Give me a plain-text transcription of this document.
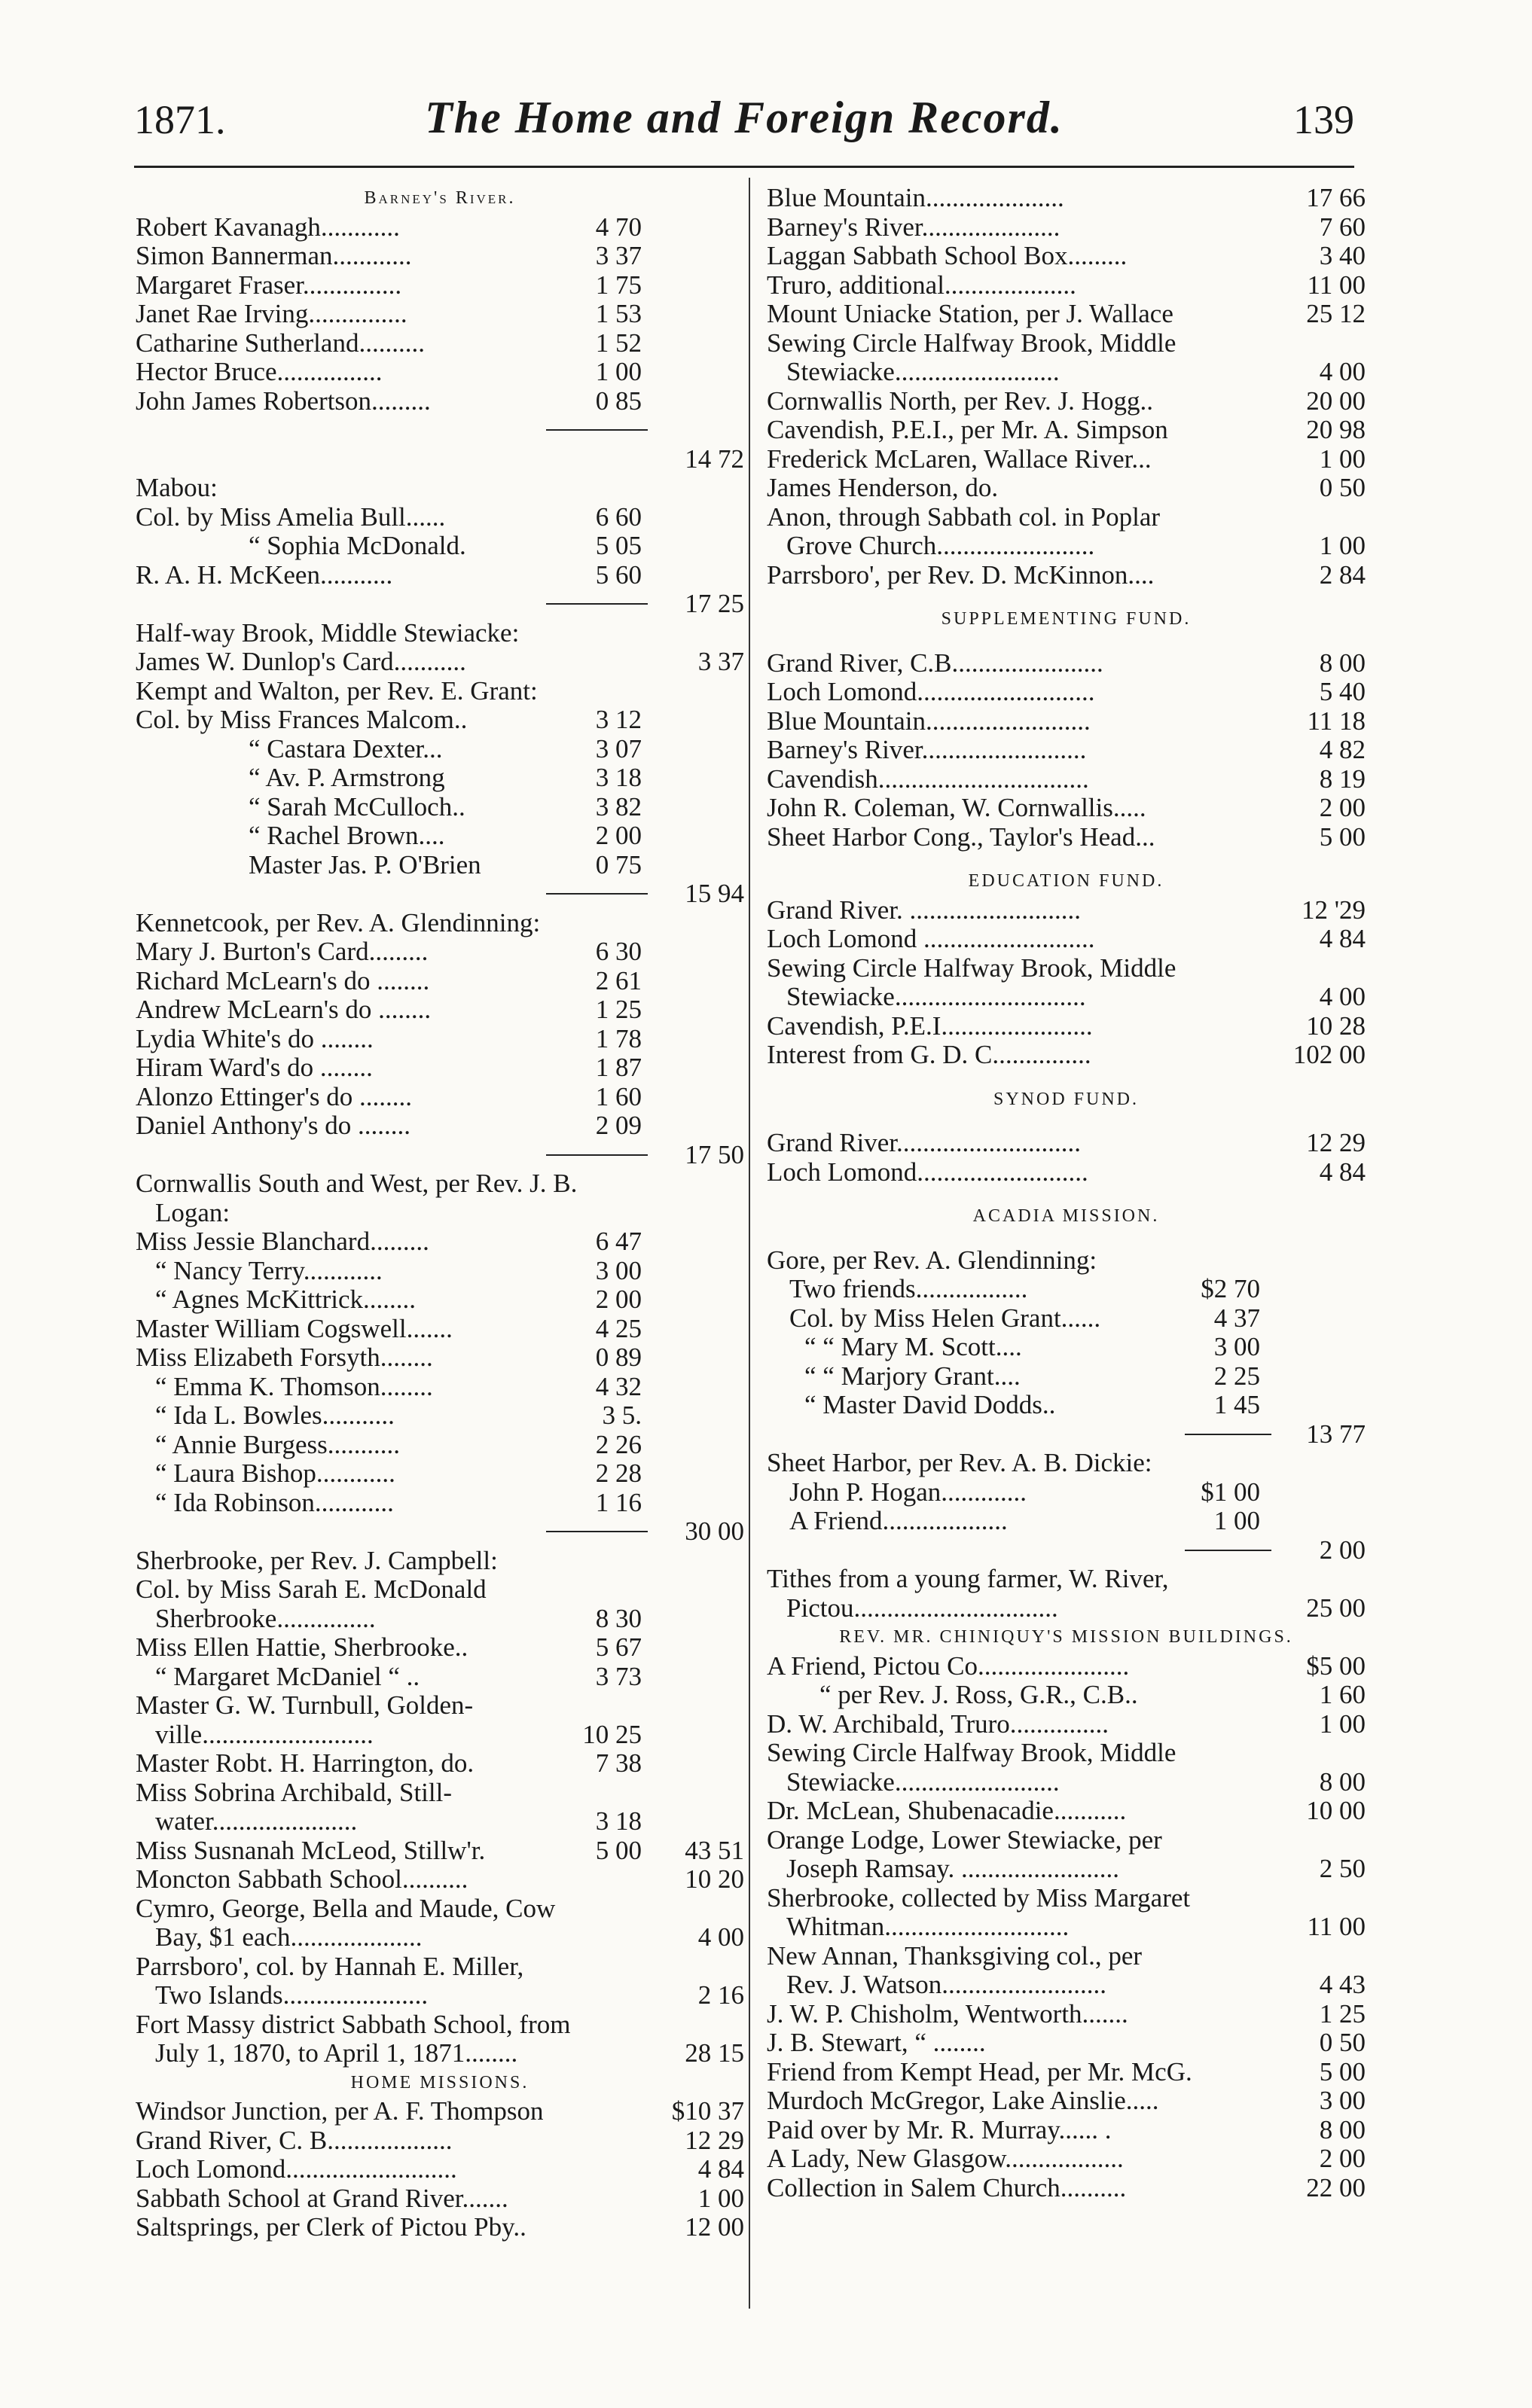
1871.	The Home and Foreign Record.	139
Barney's River.
Robert Kavanagh............	4 70
Simon Bannerman............	3 37
Margaret Fraser...............	1 75
Janet Rae Irving...............	1 53
Catharine Sutherland..........	1 52
Hector Bruce................	1 00
John James Robertson.........	0 85
14 72
Mabou:
Col. by Miss Amelia Bull......	6 60
“ Sophia McDonald.	5 05
R. A. H. McKeen...........	5 60
17 25
Half-way Brook, Middle Stewiacke:
James W. Dunlop's Card...........	3 37
Kempt and Walton, per Rev. E. Grant:
Col. by Miss Frances Malcom..	3 12
“ Castara Dexter...	3 07
“ Av. P. Armstrong	3 18
“ Sarah McCulloch..	3 82
“ Rachel Brown....	2 00
Master Jas. P. O'Brien	0 75
15 94
Kennetcook, per Rev. A. Glendinning:
Mary J. Burton's Card.........	6 30
Richard McLearn's do ........	2 61
Andrew McLearn's do ........	1 25
Lydia White's do ........	1 78
Hiram Ward's do ........	1 87
Alonzo Ettinger's do ........	1 60
Daniel Anthony's do ........	2 09
17 50
Cornwallis South and West, per Rev. J. B.
Logan:
Miss Jessie Blanchard.........	6 47
“ Nancy Terry............	3 00
“ Agnes McKittrick........	2 00
Master William Cogswell.......	4 25
Miss Elizabeth Forsyth........	0 89
“ Emma K. Thomson........	4 32
“ Ida L. Bowles...........	3 5.
“ Annie Burgess...........	2 26
“ Laura Bishop............	2 28
“ Ida Robinson............	1 16
30 00
Sherbrooke, per Rev. J. Campbell:
Col. by Miss Sarah E. McDonald
Sherbrooke...............	8 30
Miss Ellen Hattie, Sherbrooke..	5 67
“ Margaret McDaniel “ ..	3 73
Master G. W. Turnbull, Golden-
ville..........................	10 25
Master Robt. H. Harrington, do.	7 38
Miss Sobrina Archibald, Still-
water......................	3 18
Miss Susnanah McLeod, Stillw'r.	5 00	43 51
Moncton Sabbath School..........	10 20
Cymro, George, Bella and Maude, Cow
Bay, $1 each....................	4 00
Parrsboro', col. by Hannah E. Miller,
Two Islands......................	2 16
Fort Massy district Sabbath School, from
July 1, 1870, to April 1, 1871........	28 15
HOME MISSIONS.
Windsor Junction, per A. F. Thompson	$10 37
Grand River, C. B...................	12 29
Loch Lomond..........................	4 84
Sabbath School at Grand River.......	1 00
Saltsprings, per Clerk of Pictou Pby..	12 00
Blue Mountain.....................	17 66
Barney's River.....................	7 60
Laggan Sabbath School Box.........	3 40
Truro, additional....................	11 00
Mount Uniacke Station, per J. Wallace	25 12
Sewing Circle Halfway Brook, Middle
Stewiacke.........................	4 00
Cornwallis North, per Rev. J. Hogg..	20 00
Cavendish, P.E.I., per Mr. A. Simpson	20 98
Frederick McLaren, Wallace River...	1 00
James Henderson, do.	0 50
Anon, through Sabbath col. in Poplar
Grove Church........................	1 00
Parrsboro', per Rev. D. McKinnon....	2 84
SUPPLEMENTING FUND.
Grand River, C.B.......................	8 00
Loch Lomond...........................	5 40
Blue Mountain.........................	11 18
Barney's River.........................	4 82
Cavendish................................	8 19
John R. Coleman, W. Cornwallis.....	2 00
Sheet Harbor Cong., Taylor's Head...	5 00
EDUCATION FUND.
Grand River. ..........................	12 '29
Loch Lomond ..........................	4 84
Sewing Circle Halfway Brook, Middle
Stewiacke.............................	4 00
Cavendish, P.E.I.......................	10 28
Interest from G. D. C...............	102 00
SYNOD FUND.
Grand River............................	12 29
Loch Lomond..........................	4 84
ACADIA MISSION.
Gore, per Rev. A. Glendinning:
Two friends.................	$2 70
Col. by Miss Helen Grant......	4 37
“ “ Mary M. Scott....	3 00
“ “ Marjory Grant....	2 25
“ Master David Dodds..	1 45
13 77
Sheet Harbor, per Rev. A. B. Dickie:
John P. Hogan.............	$1 00
A Friend...................	1 00
2 00
Tithes from a young farmer, W. River,
Pictou...............................	25 00
REV. MR. CHINIQUY'S MISSION BUILDINGS.
A Friend, Pictou Co.......................	$5 00
“ per Rev. J. Ross, G.R., C.B..	1 60
D. W. Archibald, Truro...............	1 00
Sewing Circle Halfway Brook, Middle
Stewiacke.........................	8 00
Dr. McLean, Shubenacadie...........	10 00
Orange Lodge, Lower Stewiacke, per
Joseph Ramsay. ........................	2 50
Sherbrooke, collected by Miss Margaret
Whitman............................	11 00
New Annan, Thanksgiving col., per
Rev. J. Watson.........................	4 43
J. W. P. Chisholm, Wentworth.......	1 25
J. B. Stewart, “ ........	0 50
Friend from Kempt Head, per Mr. McG.	5 00
Murdoch McGregor, Lake Ainslie.....	3 00
Paid over by Mr. R. Murray...... .	8 00
A Lady, New Glasgow..................	2 00
Collection in Salem Church..........	22 00
